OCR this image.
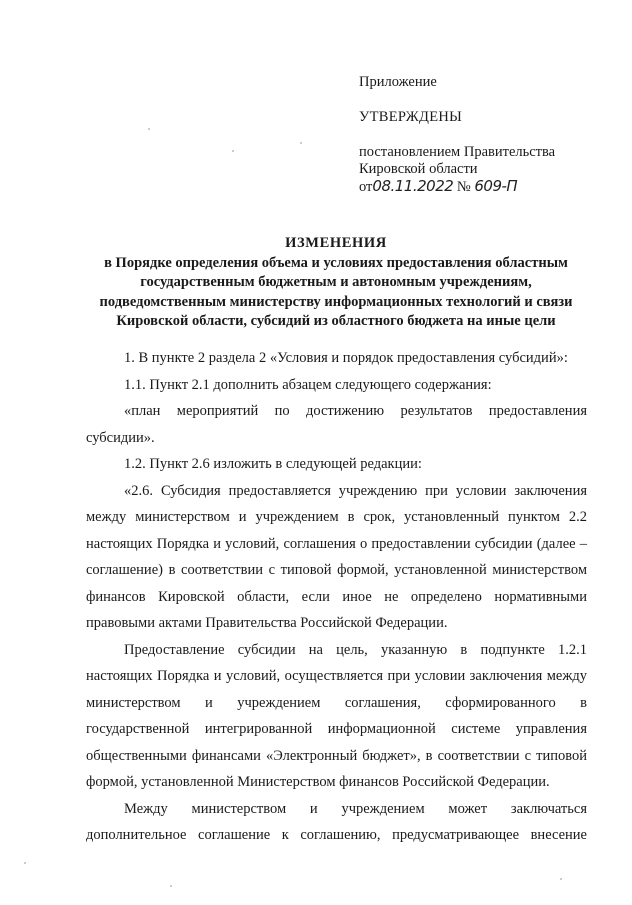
Приложение
УТВЕРЖДЕНЫ
постановлением Правительства
Кировской области
от08.11.2022 № 609-П
ИЗМЕНЕНИЯ
в Порядке определения объема и условиях предоставления областным
государственным бюджетным и автономным учреждениям,
подведомственным министерству информационных технологий и связи
Кировской области, субсидий из областного бюджета на иные цели

1. В пункте 2 раздела 2 «Условия и порядок предоставления субсидий»:

1.1. Пункт 2.1 дополнить абзацем следующего содержания:

«план мероприятий по достижению результатов предоставления субсидии».

1.2. Пункт 2.6 изложить в следующей редакции:

«2.6. Субсидия предоставляется учреждению при условии заключения между министерством и учреждением в срок, установленный пунктом 2.2 настоящих Порядка и условий, соглашения о предоставлении субсидии (далее – соглашение) в соответствии с типовой формой, установленной министерством финансов Кировской области, если иное не определено нормативными правовыми актами Правительства Российской Федерации.

Предоставление субсидии на цель, указанную в подпункте 1.2.1 настоящих Порядка и условий, осуществляется при условии заключения между министерством и учреждением соглашения, сформированного в государственной интегрированной информационной системе управления общественными финансами «Электронный бюджет», в соответствии с типовой формой, установленной Министерством финансов Российской Федерации.

Между министерством и учреждением может заключаться дополнительное соглашение к соглашению, предусматривающее внесение
